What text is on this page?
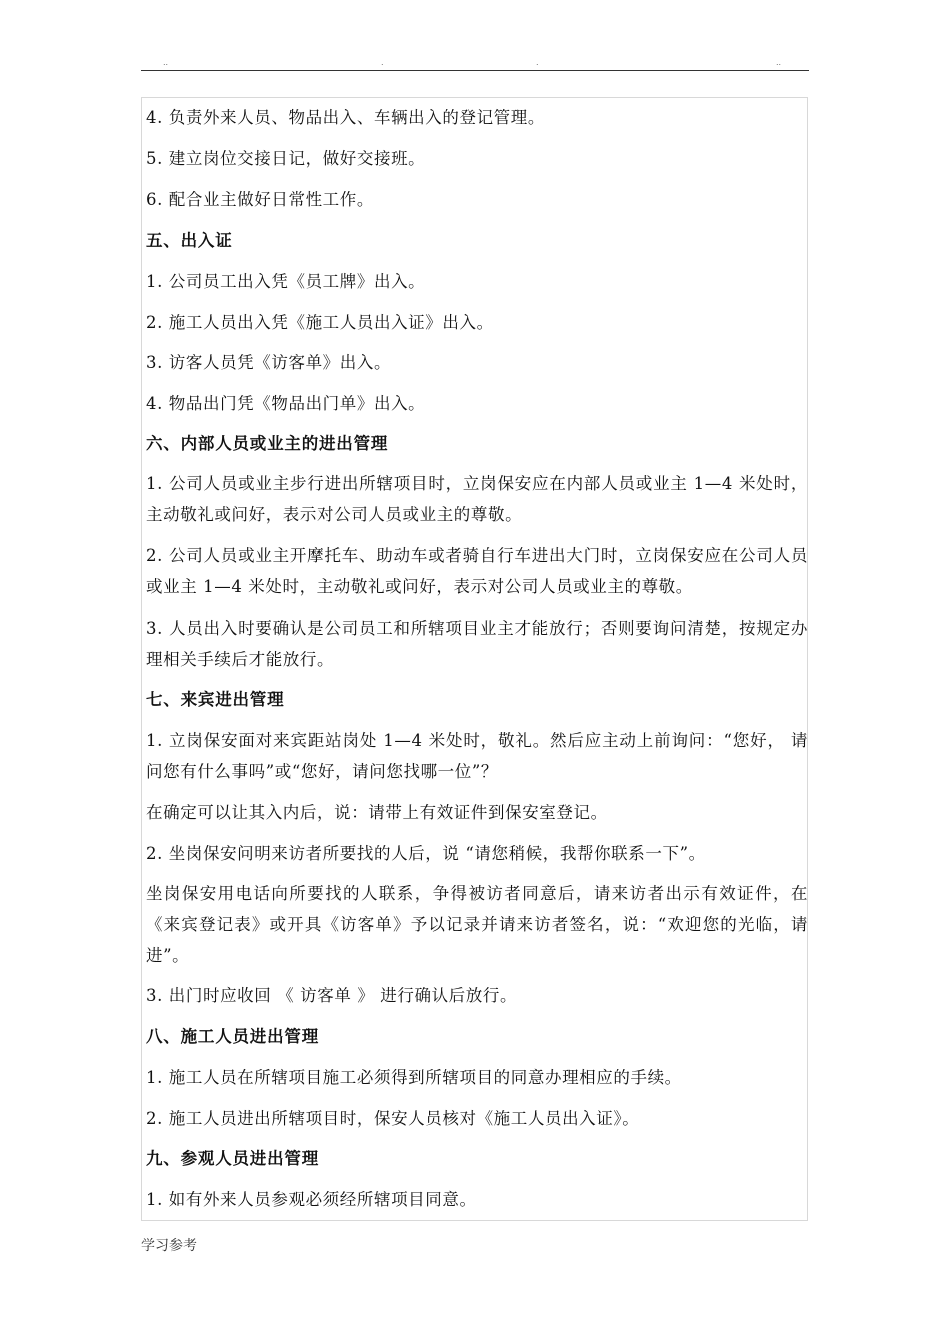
..	.	.	..
4. 负责外来人员、物品出入、车辆出入的登记管理。
5. 建立岗位交接日记，做好交接班。
6. 配合业主做好日常性工作。
五、出入证
1. 公司员工出入凭《员工牌》出入。
2. 施工人员出入凭《施工人员出入证》出入。
3. 访客人员凭《访客单》出入。
4. 物品出门凭《物品出门单》出入。
六、内部人员或业主的进出管理
1. 公司人员或业主步行进出所辖项目时，立岗保安应在内部人员或业主 1—4 米处时，主动敬礼或问好，表示对公司人员或业主的尊敬。
2. 公司人员或业主开摩托车、助动车或者骑自行车进出大门时，立岗保安应在公司人员或业主 1—4 米处时，主动敬礼或问好，表示对公司人员或业主的尊敬。
3. 人员出入时要确认是公司员工和所辖项目业主才能放行；否则要询问清楚，按规定办理相关手续后才能放行。
七、来宾进出管理
1. 立岗保安面对来宾距站岗处 1—4 米处时，敬礼。然后应主动上前询问：“您好， 请问您有什么事吗”或“您好，请问您找哪一位”？
在确定可以让其入内后，说：请带上有效证件到保安室登记。
2. 坐岗保安问明来访者所要找的人后，说 “请您稍候，我帮你联系一下”。
坐岗保安用电话向所要找的人联系，争得被访者同意后，请来访者出示有效证件，在《来宾登记表》或开具《访客单》予以记录并请来访者签名，说：“欢迎您的光临，请进”。
3. 出门时应收回 《 访客单 》 进行确认后放行。
八、施工人员进出管理
1. 施工人员在所辖项目施工必须得到所辖项目的同意办理相应的手续。
2. 施工人员进出所辖项目时，保安人员核对《施工人员出入证》。
九、参观人员进出管理
1. 如有外来人员参观必须经所辖项目同意。
学习参考
